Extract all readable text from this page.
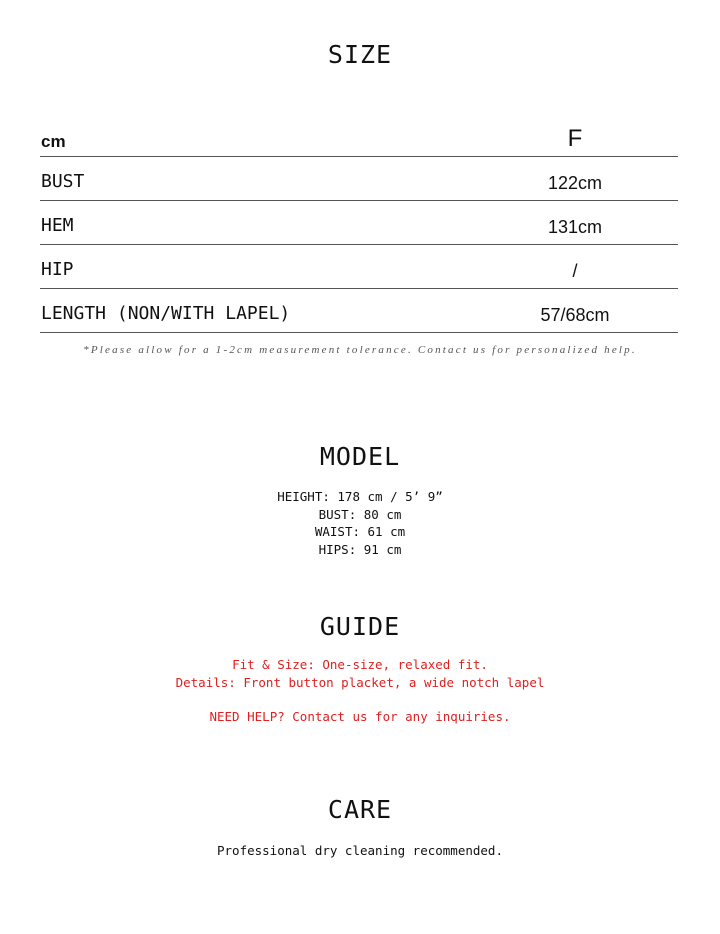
SIZE
cm	F
BUST	122cm
HEM	131cm
HIP	/
LENGTH (NON/WITH LAPEL)	57/68cm
*Please allow for a 1-2cm measurement tolerance. Contact us for personalized help.
MODEL
HEIGHT: 178 cm / 5’ 9”
BUST: 80 cm
WAIST: 61 cm
HIPS: 91 cm
GUIDE
Fit & Size: One-size, relaxed fit.
Details: Front button placket, a wide notch lapel
NEED HELP? Contact us for any inquiries.
CARE
Professional dry cleaning recommended.
